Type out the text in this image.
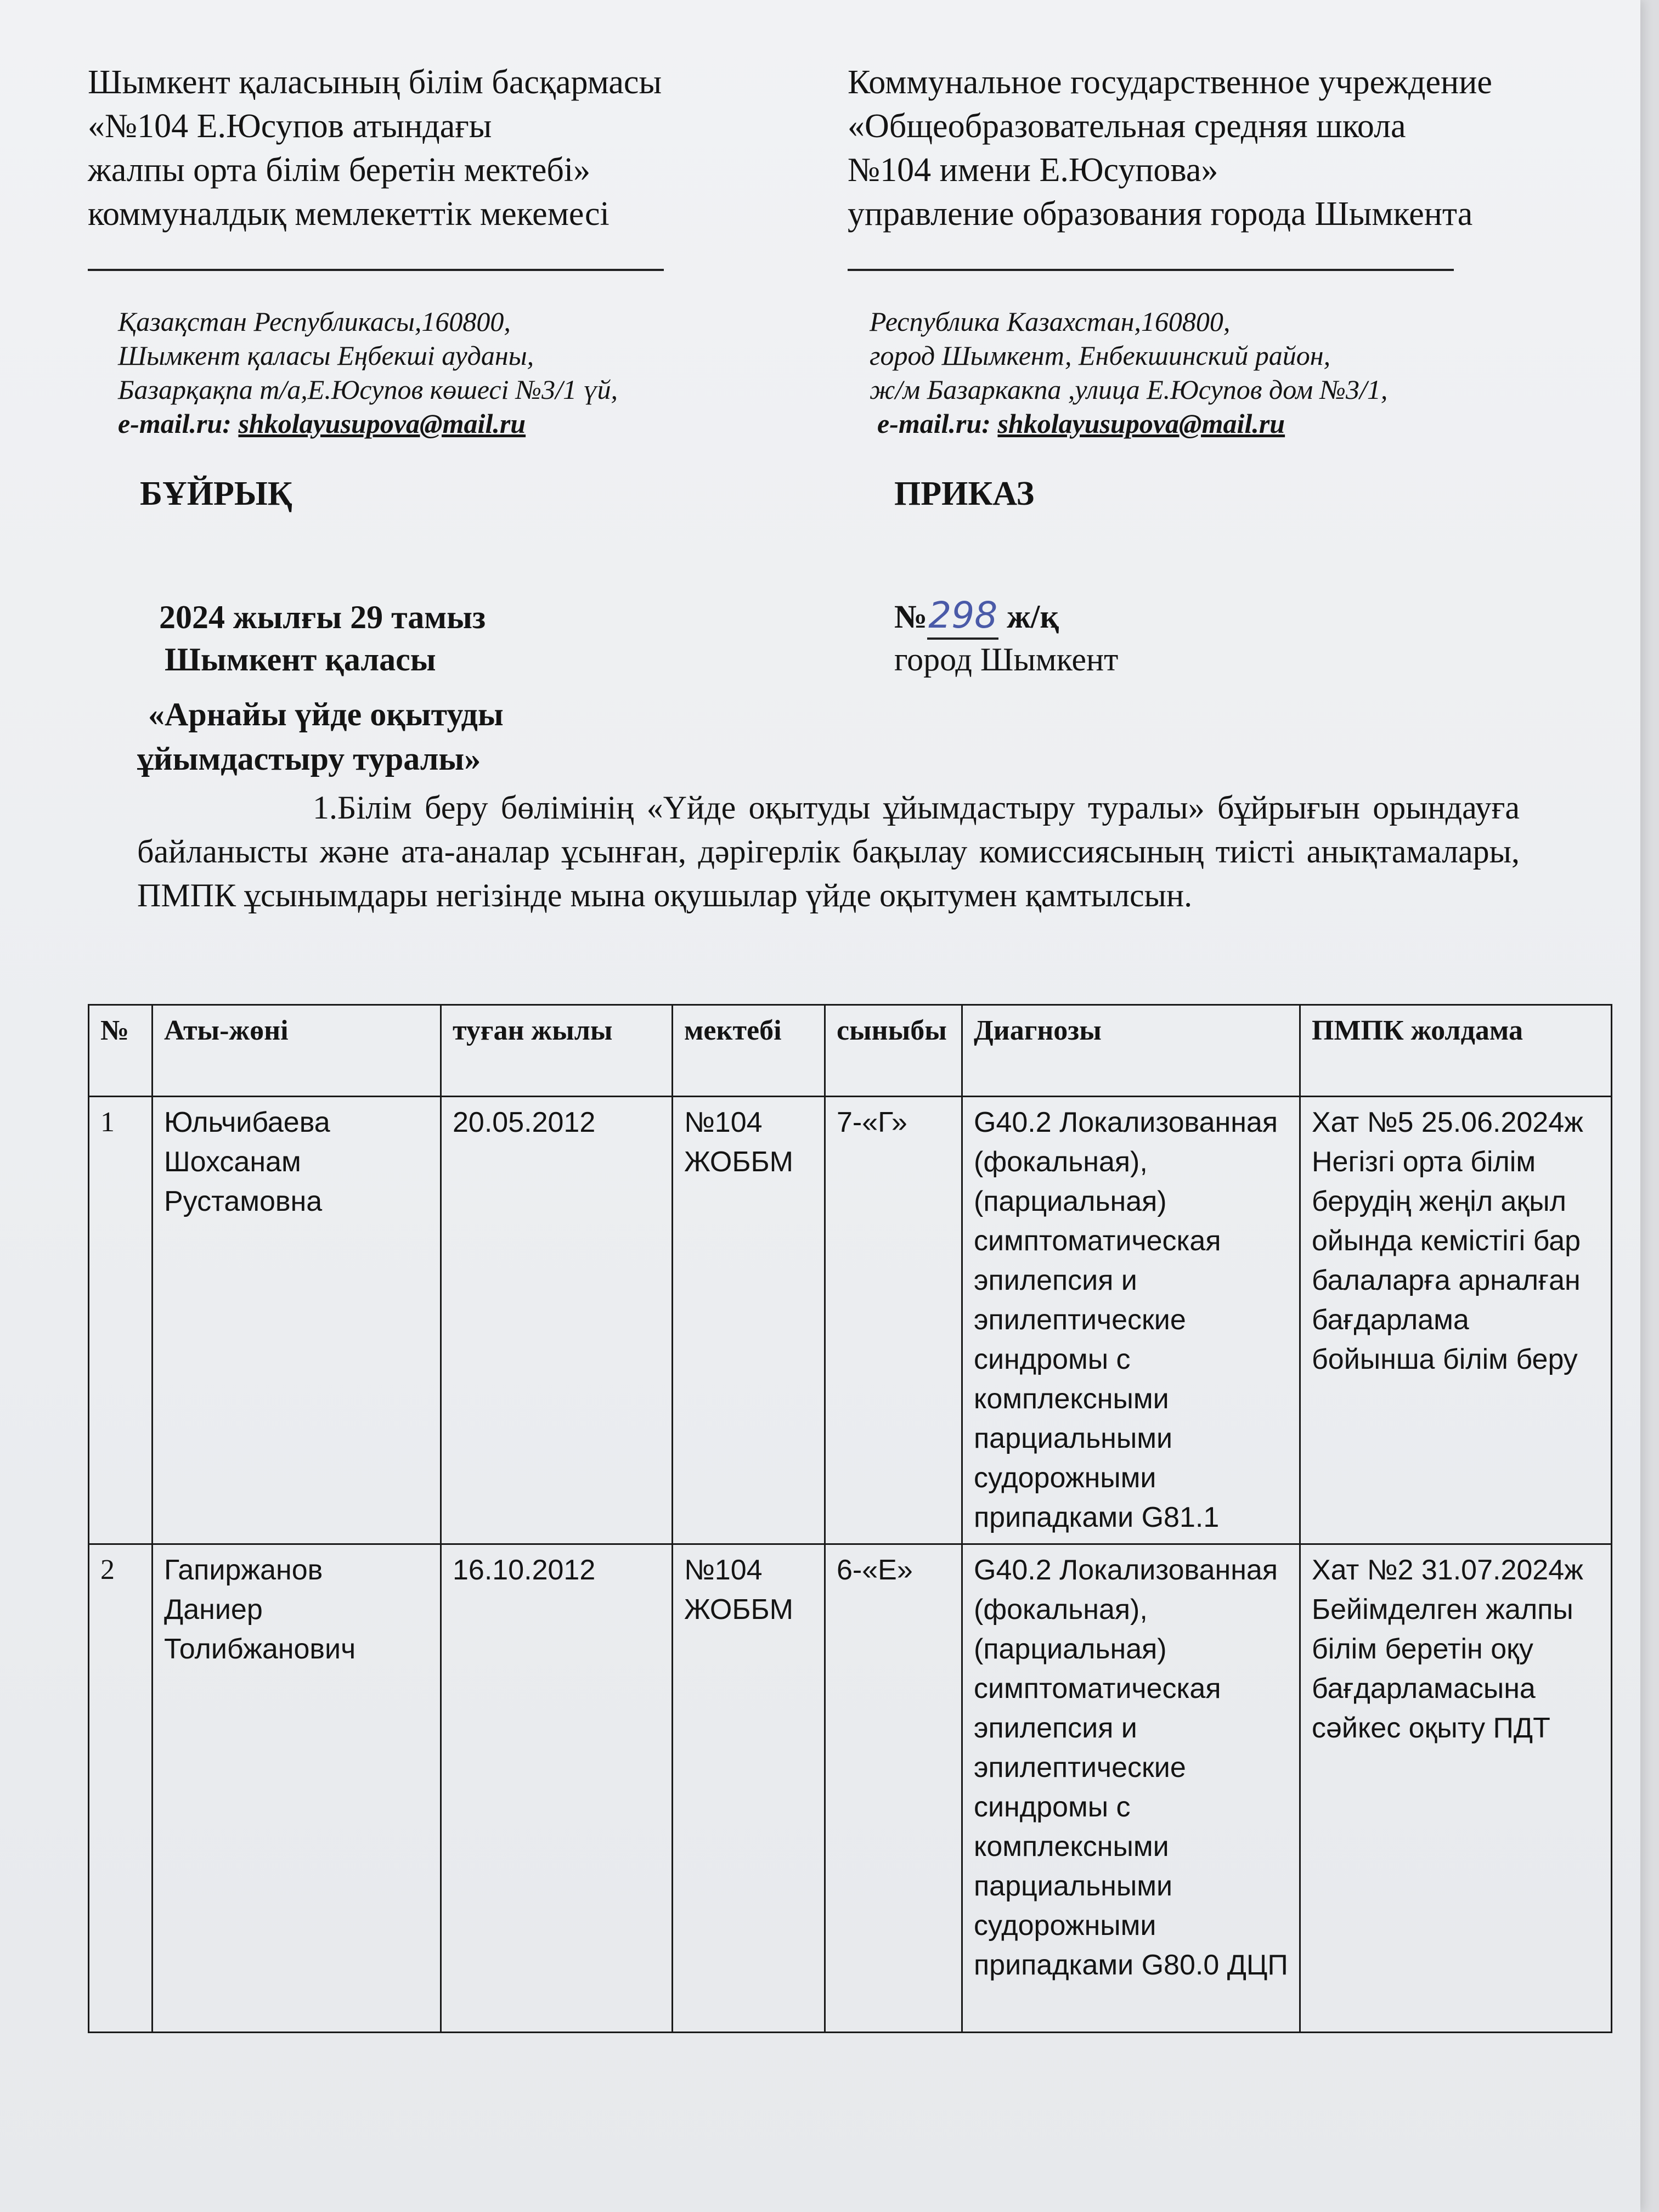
Шымкент қаласының білім басқармасы
«№104 Е.Юсупов атындағы
жалпы орта білім беретін мектебі»
коммуналдық мемлекеттік мекемесі
Коммунальное государственное учреждение
«Общеобразовательная средняя школа
№104 имени Е.Юсупова»
управление образования города Шымкента
Қазақстан Республикасы,160800,
Шымкент қаласы Еңбекші ауданы,
Базарқақпа т/а,Е.Юсупов көшесі №3/1 үй,
e-mail.ru: shkolayusupova@mail.ru
Республика Казахстан,160800,
город Шымкент, Енбекшинский район,
ж/м Базаркакпа ,улица Е.Юсупов дом №3/1,
e-mail.ru: shkolayusupova@mail.ru
БҰЙРЫҚ	ПРИКАЗ
2024 жылғы 29 тамыз
Шымкент қаласы
№298 ж/қ
город Шымкент
«Арнайы үйде оқытуды
ұйымдастыру туралы»
1.Білім беру бөлімінің «Үйде оқытуды ұйымдастыру туралы» бұйрығын орындауға байланысты және ата-аналар ұсынған, дәрігерлік бақылау комиссиясының тиісті анықтамалары, ПМПК ұсынымдары негізінде мына оқушылар үйде оқытумен қамтылсын.
№	Аты-жөні	туған жылы	мектебі	сыныбы	Диагнозы	ПМПК жолдама
1	Юльчибаева Шохсанам Рустамовна	20.05.2012	№104 ЖОББМ	7-«Г»	G40.2 Локализованная (фокальная), (парциальная) симптоматическая эпилепсия и эпилептические синдромы с комплексными парциальными судорожными припадками G81.1	Хат №5 25.06.2024ж Негізгі орта білім берудің жеңіл ақыл ойында кемістігі бар балаларға арналған бағдарлама бойынша білім беру
2	Гапиржанов Даниер Толибжанович	16.10.2012	№104 ЖОББМ	6-«Е»	G40.2 Локализованная (фокальная), (парциальная) симптоматическая эпилепсия и эпилептические синдромы с комплексными парциальными судорожными припадками G80.0 ДЦП	Хат №2 31.07.2024ж Бейімделген жалпы білім беретін оқу бағдарламасына сәйкес оқыту ПДТ
